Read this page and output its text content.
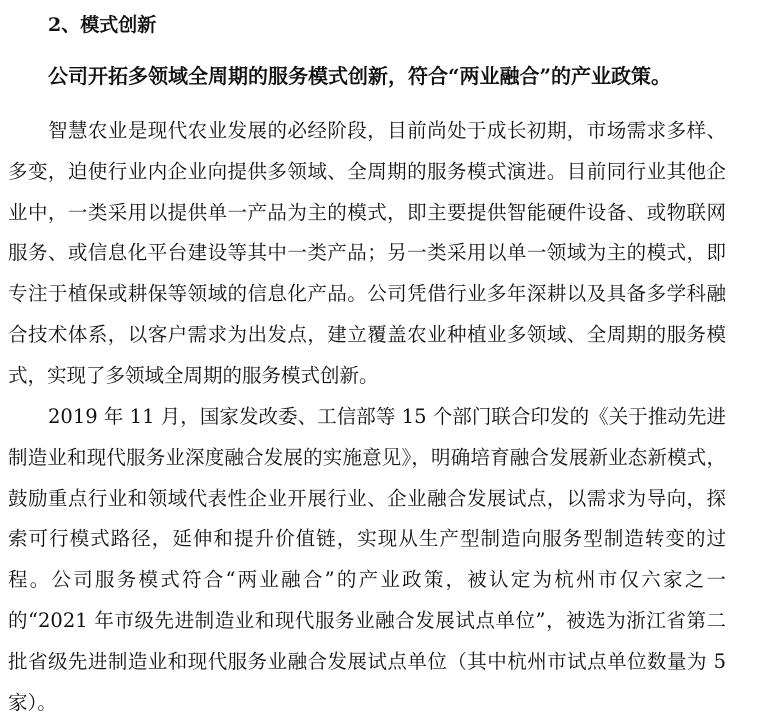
2、模式创新
公司开拓多领域全周期的服务模式创新，符合“两业融合”的产业政策。

智慧农业是现代农业发展的必经阶段，目前尚处于成长初期，市场需求多样、多变，迫使行业内企业向提供多领域、全周期的服务模式演进。目前同行业其他企业中，一类采用以提供单一产品为主的模式，即主要提供智能硬件设备、或物联网服务、或信息化平台建设等其中一类产品；另一类采用以单一领域为主的模式，即专注于植保或耕保等领域的信息化产品。公司凭借行业多年深耕以及具备多学科融合技术体系，以客户需求为出发点，建立覆盖农业种植业多领域、全周期的服务模式，实现了多领域全周期的服务模式创新。

2019 年 11 月，国家发改委、工信部等 15 个部门联合印发的《关于推动先进制造业和现代服务业深度融合发展的实施意见》，明确培育融合发展新业态新模式，鼓励重点行业和领域代表性企业开展行业、企业融合发展试点，以需求为导向，探索可行模式路径，延伸和提升价值链，实现从生产型制造向服务型制造转变的过程。公司服务模式符合“两业融合”的产业政策，被认定为杭州市仅六家之一的“2021 年市级先进制造业和现代服务业融合发展试点单位”，被选为浙江省第二批省级先进制造业和现代服务业融合发展试点单位（其中杭州市试点单位数量为 5 家）。
